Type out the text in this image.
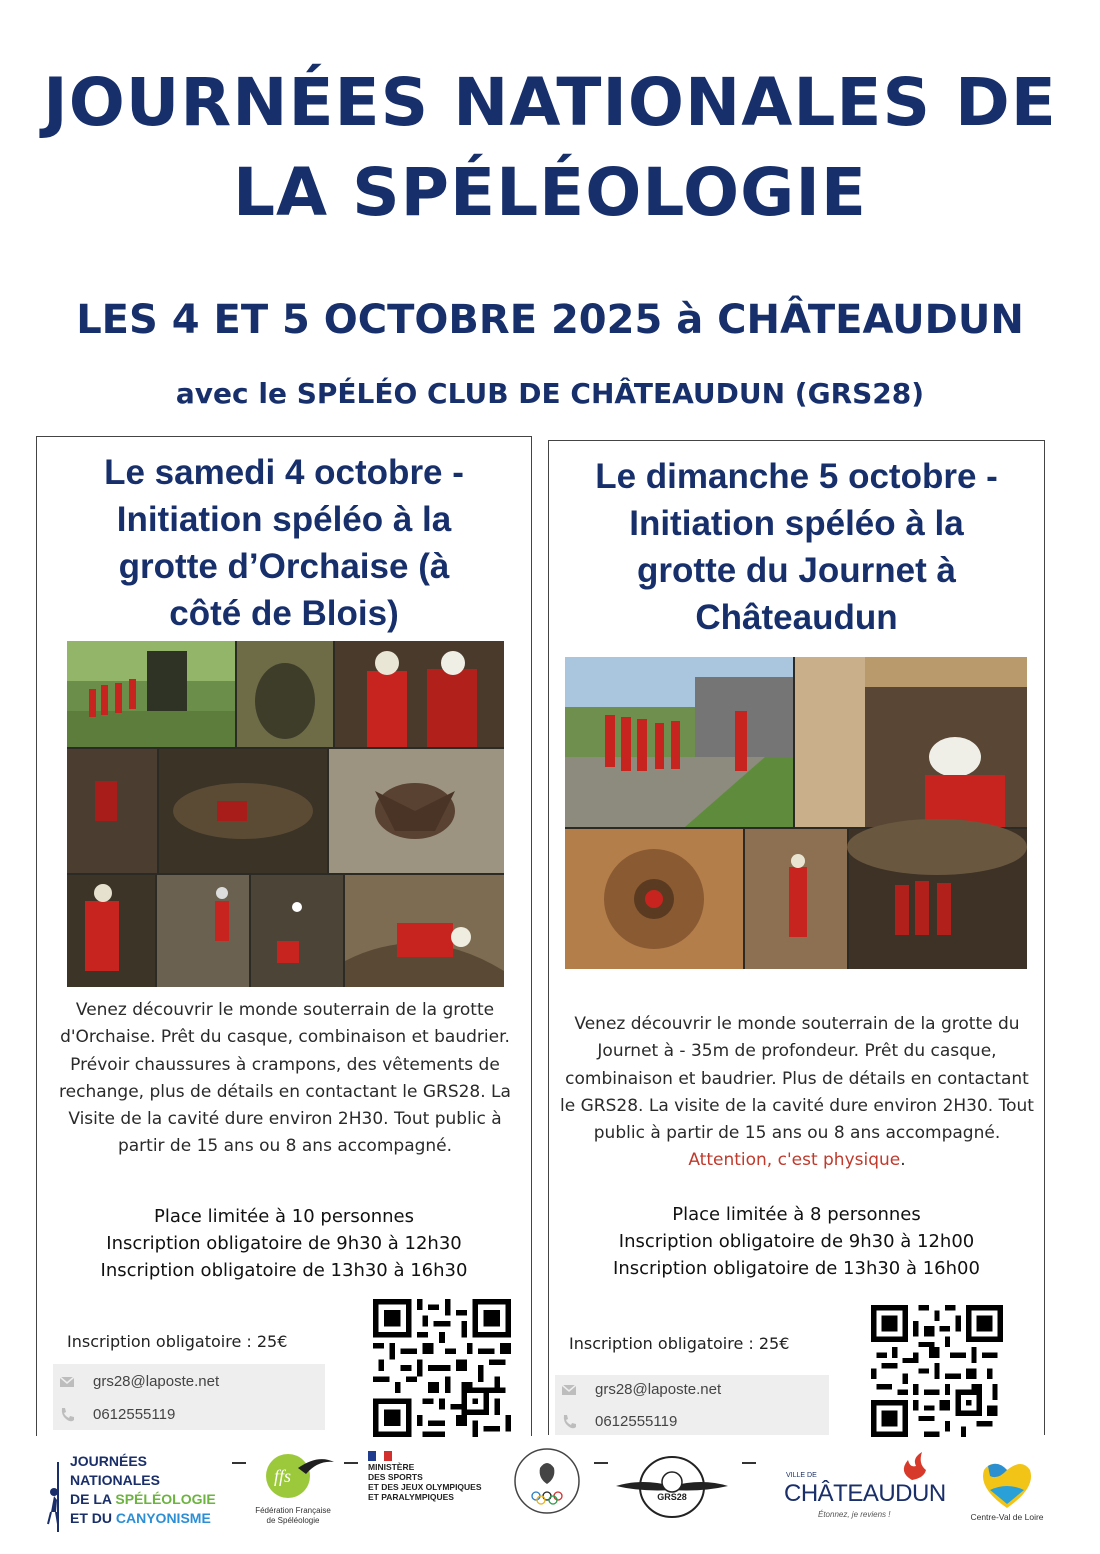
JOURNÉES NATIONALES DE
LA SPÉLÉOLOGIE
LES 4 ET 5 OCTOBRE 2025 à CHÂTEAUDUN
avec le SPÉLÉO CLUB DE CHÂTEAUDUN (GRS28)
Le samedi 4 octobre -
Initiation spéléo à la
grotte d’Orchaise (à
côté de Blois)
Venez découvrir le monde souterrain de la grotte d'Orchaise. Prêt du casque, combinaison et baudrier. Prévoir chaussures à crampons, des vêtements de rechange, plus de détails en contactant le GRS28. La Visite de la cavité dure environ 2H30. Tout public à partir de 15 ans ou 8 ans accompagné.
Place limitée à 10 personnes
Inscription obligatoire de 9h30 à 12h30
Inscription obligatoire de 13h30 à 16h30
Inscription obligatoire : 25€
grs28@laposte.net
0612555119
Le dimanche 5 octobre -
Initiation spéléo à la
grotte du Journet à
Châteaudun
Venez découvrir le monde souterrain de la grotte du Journet à - 35m de profondeur. Prêt du casque, combinaison et baudrier. Plus de détails en contactant le GRS28. La visite de la cavité dure environ 2H30. Tout public à partir de 15 ans ou 8 ans accompagné. Attention, c'est physique.
Place limitée à 8 personnes
Inscription obligatoire de 9h30 à 12h00
Inscription obligatoire de 13h30 à 16h00
Inscription obligatoire : 25€
grs28@laposte.net
0612555119
JOURNÉES
NATIONALES
DE LA SPÉLÉOLOGIE
ET DU CANYONISME
ffs
Fédération Française
de Spéléologie
MINISTÈRE
DES SPORTS
ET DES JEUX OLYMPIQUES
ET PARALYMPIQUES	GRS28
VILLE DE
CHÂTEAUDUN
Étonnez, je reviens !	Centre-Val de Loire
